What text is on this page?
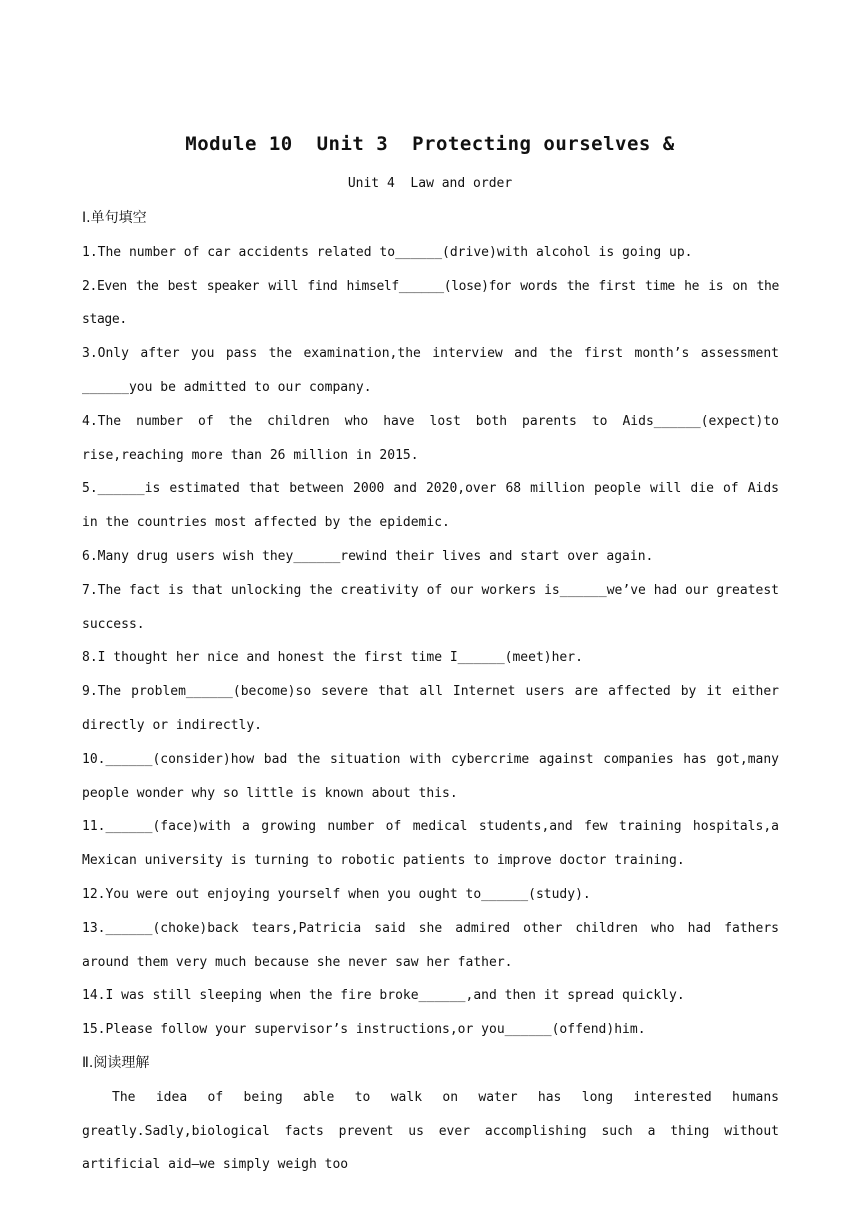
Module 10  Unit 3  Protecting ourselves &
Unit 4  Law and order

Ⅰ.单句填空

1.The number of car accidents related to______(drive)with alcohol is going up.

2.Even the best speaker will find himself______(lose)for words the first time he is on the stage.

3.Only after you pass the examination,the interview and the first month’s assessment ______you be admitted to our company.

4.The number of the children who have lost both parents to Aids______(expect)to rise,reaching more than 26 million in 2015.

5.______is estimated that between 2000 and 2020,over 68 million people will die of Aids in the countries most affected by the epidemic.

6.Many drug users wish they______rewind their lives and start over again.

7.The fact is that unlocking the creativity of our workers is______we’ve had our greatest success.

8.I thought her nice and honest the first time I______(meet)her.

9.The problem______(become)so severe that all Internet users are affected by it either directly or indirectly.

10.______(consider)how bad the situation with cybercrime against companies has got,many people wonder why so little is known about this.

11.______(face)with a growing number of medical students,and few training hospitals,a Mexican university is turning to robotic patients to improve doctor training.

12.You were out enjoying yourself when you ought to______(study).

13.______(choke)back tears,Patricia said she admired other children who had fathers around them very much because she never saw her father.

14.I was still sleeping when the fire broke______,and then it spread quickly.

15.Please follow your supervisor’s instructions,or you______(offend)him.

Ⅱ.阅读理解

The idea of being able to walk on water has long interested humans greatly.Sadly,biological facts prevent us ever accomplishing such a thing without artificial aid—we simply weigh too
